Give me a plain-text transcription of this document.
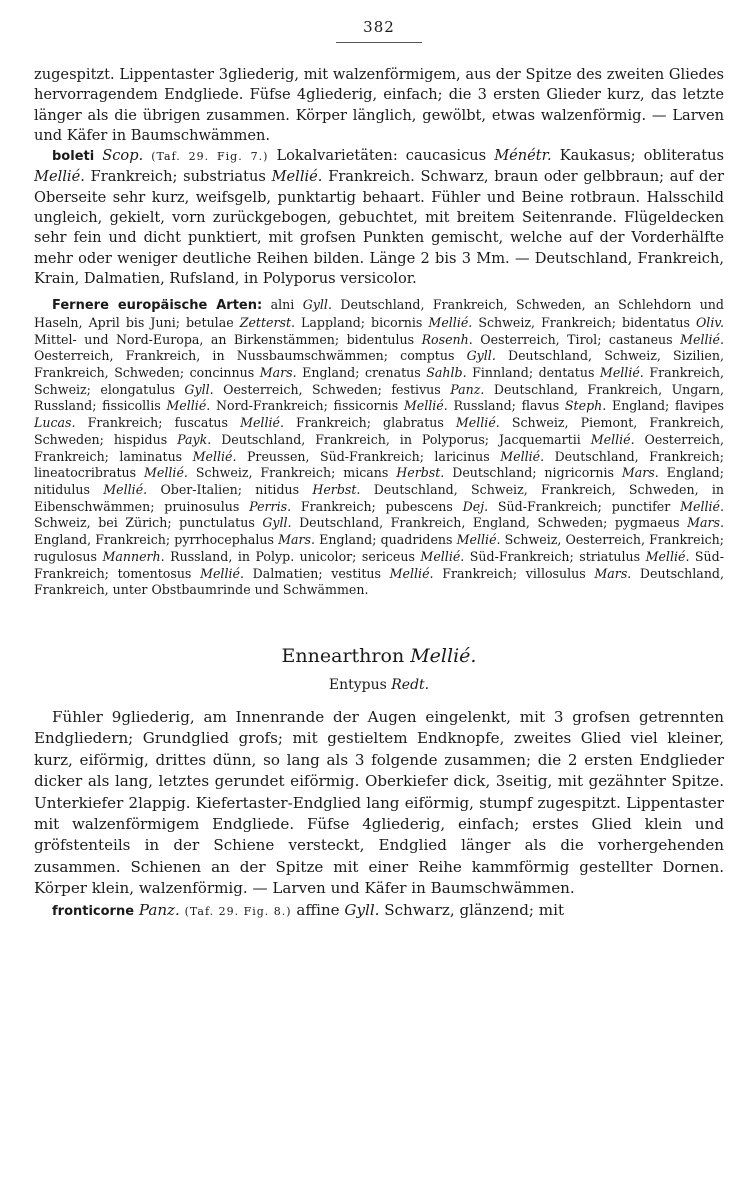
382

zugespitzt. Lippentaster 3gliederig, mit walzenförmigem, aus der Spitze des zweiten Gliedes hervorragendem Endgliede. Füfse 4gliederig, einfach; die 3 ersten Glieder kurz, das letzte länger als die übrigen zusammen. Körper länglich, gewölbt, etwas walzenförmig. — Larven und Käfer in Baumschwämmen.

boleti Scop. (Taf. 29. Fig. 7.) Lokalvarietäten: caucasicus Ménétr. Kaukasus; obliteratus Mellié. Frankreich; substriatus Mellié. Frankreich. Schwarz, braun oder gelbbraun; auf der Oberseite sehr kurz, weifsgelb, punktartig behaart. Fühler und Beine rotbraun. Halsschild ungleich, gekielt, vorn zurückgebogen, gebuchtet, mit breitem Seitenrande. Flügeldecken sehr fein und dicht punktiert, mit grofsen Punkten gemischt, welche auf der Vorderhälfte mehr oder weniger deutliche Reihen bilden. Länge 2 bis 3 Mm. — Deutschland, Frankreich, Krain, Dalmatien, Rufsland, in Polyporus versicolor.

Fernere europäische Arten: alni Gyll. Deutschland, Frankreich, Schweden, an Schlehdorn und Haseln, April bis Juni; betulae Zetterst. Lappland; bicornis Mellié. Schweiz, Frankreich; bidentatus Oliv. Mittel- und Nord-Europa, an Birkenstämmen; bidentulus Rosenh. Oesterreich, Tirol; castaneus Mellié. Oesterreich, Frankreich, in Nussbaumschwämmen; comptus Gyll. Deutschland, Schweiz, Sizilien, Frankreich, Schweden; concinnus Mars. England; crenatus Sahlb. Finnland; dentatus Mellié. Frankreich, Schweiz; elongatulus Gyll. Oesterreich, Schweden; festivus Panz. Deutschland, Frankreich, Ungarn, Russland; fissicollis Mellié. Nord-Frankreich; fissicornis Mellié. Russland; flavus Steph. England; flavipes Lucas. Frankreich; fuscatus Mellié. Frankreich; glabratus Mellié. Schweiz, Piemont, Frankreich, Schweden; hispidus Payk. Deutschland, Frankreich, in Polyporus; Jacquemartii Mellié. Oesterreich, Frankreich; laminatus Mellié. Preussen, Süd-Frankreich; laricinus Mellié. Deutschland, Frankreich; lineatocribratus Mellié. Schweiz, Frankreich; micans Herbst. Deutschland; nigricornis Mars. England; nitidulus Mellié. Ober-Italien; nitidus Herbst. Deutschland, Schweiz, Frankreich, Schweden, in Eibenschwämmen; pruinosulus Perris. Frankreich; pubescens Dej. Süd-Frankreich; punctifer Mellié. Schweiz, bei Zürich; punctulatus Gyll. Deutschland, Frankreich, England, Schweden; pygmaeus Mars. England, Frankreich; pyrrhocephalus Mars. England; quadridens Mellié. Schweiz, Oesterreich, Frankreich; rugulosus Mannerh. Russland, in Polyp. unicolor; sericeus Mellié. Süd-Frankreich; striatulus Mellié. Süd-Frankreich; tomentosus Mellié. Dalmatien; vestitus Mellié. Frankreich; villosulus Mars. Deutschland, Frankreich, unter Obstbaumrinde und Schwämmen.

Ennearthron Mellié.
Entypus Redt.

Fühler 9gliederig, am Innenrande der Augen eingelenkt, mit 3 grofsen getrennten Endgliedern; Grundglied grofs; mit gestieltem Endknopfe, zweites Glied viel kleiner, kurz, eiförmig, drittes dünn, so lang als 3 folgende zusammen; die 2 ersten Endglieder dicker als lang, letztes gerundet eiförmig. Oberkiefer dick, 3seitig, mit gezähnter Spitze. Unterkiefer 2lappig. Kiefertaster-Endglied lang eiförmig, stumpf zugespitzt. Lippentaster mit walzenförmigem Endgliede. Füfse 4gliederig, einfach; erstes Glied klein und gröfstenteils in der Schiene versteckt, Endglied länger als die vorhergehenden zusammen. Schienen an der Spitze mit einer Reihe kammförmig gestellter Dornen. Körper klein, walzenförmig. — Larven und Käfer in Baumschwämmen.

fronticorne Panz. (Taf. 29. Fig. 8.) affine Gyll. Schwarz, glänzend; mit
